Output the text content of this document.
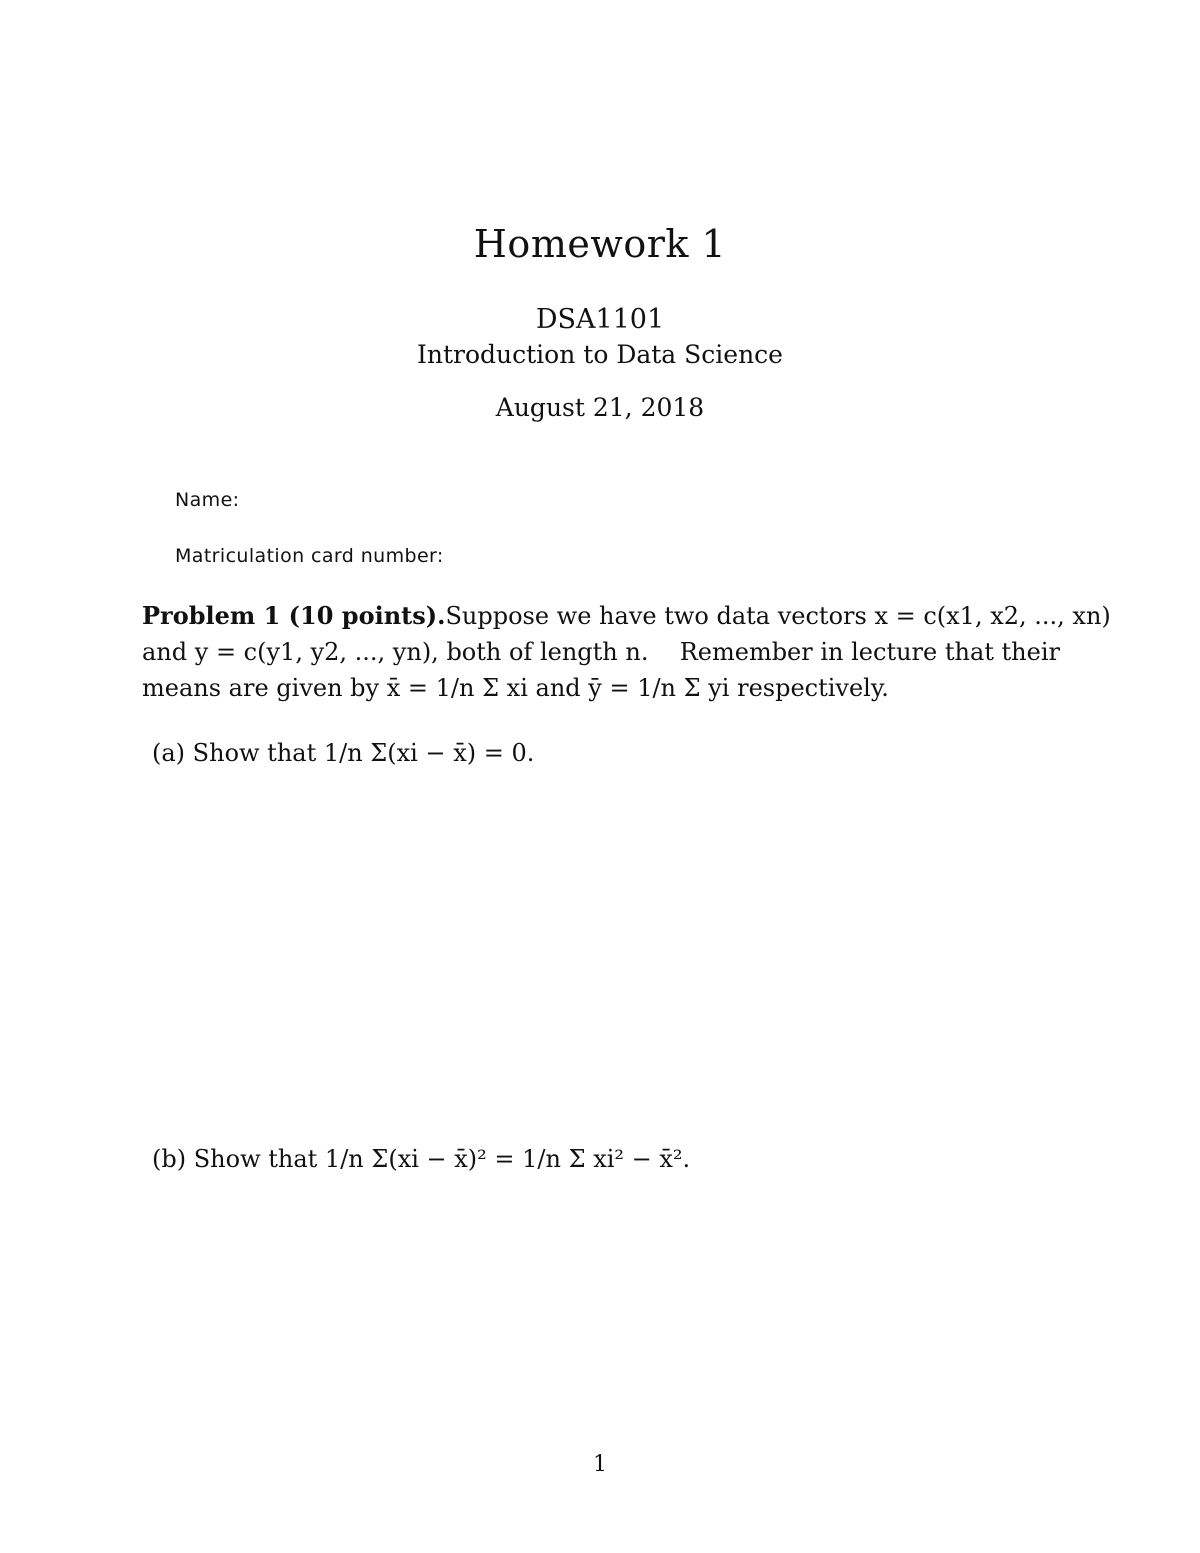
Homework 1
DSA1101
Introduction to Data Science
August 21, 2018
Name:
Matriculation card number:
Problem 1 (10 points). Suppose we have two data vectors x = c(x1, x2, ..., xn)
and y = c(y1, y2, ..., yn), both of length n. Remember in lecture that their
means are given by x̄ = 1/n Σ xi and ȳ = 1/n Σ yi respectively.
(a) Show that 1/n Σ(xi − x̄) = 0.
(b) Show that 1/n Σ(xi − x̄)² = 1/n Σ xi² − x̄².
1
